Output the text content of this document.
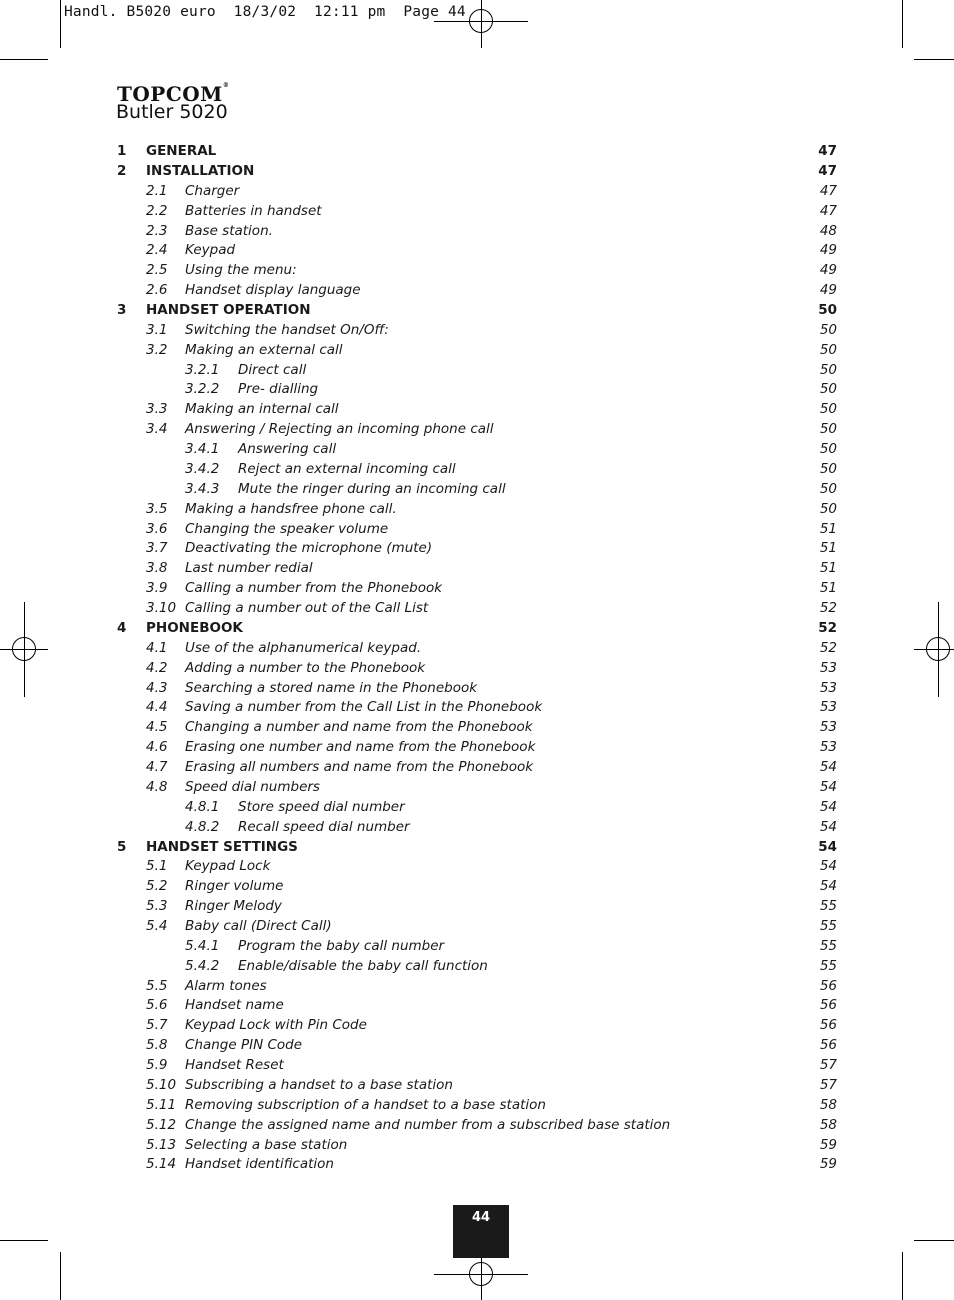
Handl. B5020 euro  18/3/02  12:11 pm  Page 44
TOPCOM®
Butler 5020
1 GENERAL	47
2 INSTALLATION	47
2.1 Charger	47
2.2 Batteries in handset	47
2.3 Base station.	48
2.4 Keypad	49
2.5 Using the menu:	49
2.6 Handset display language	49
3 HANDSET OPERATION	50
3.1 Switching the handset On/Off:	50
3.2 Making an external call	50
3.2.1 Direct call	50
3.2.2 Pre- dialling	50
3.3 Making an internal call	50
3.4 Answering / Rejecting an incoming phone call	50
3.4.1 Answering call	50
3.4.2 Reject an external incoming call	50
3.4.3 Mute the ringer during an incoming call	50
3.5 Making a handsfree phone call.	50
3.6 Changing the speaker volume	51
3.7 Deactivating the microphone (mute)	51
3.8 Last number redial	51
3.9 Calling a number from the Phonebook	51
3.10 Calling a number out of the Call List	52
4 PHONEBOOK	52
4.1 Use of the alphanumerical keypad.	52
4.2 Adding a number to the Phonebook	53
4.3 Searching a stored name in the Phonebook	53
4.4 Saving a number from the Call List in the Phonebook	53
4.5 Changing a number and name from the Phonebook	53
4.6 Erasing one number and name from the Phonebook	53
4.7 Erasing all numbers and name from the Phonebook	54
4.8 Speed dial numbers	54
4.8.1 Store speed dial number	54
4.8.2 Recall speed dial number	54
5 HANDSET SETTINGS	54
5.1 Keypad Lock	54
5.2 Ringer volume	54
5.3 Ringer Melody	55
5.4 Baby call (Direct Call)	55
5.4.1 Program the baby call number	55
5.4.2 Enable/disable the baby call function	55
5.5 Alarm tones	56
5.6 Handset name	56
5.7 Keypad Lock with Pin Code	56
5.8 Change PIN Code	56
5.9 Handset Reset	57
5.10 Subscribing a handset to a base station	57
5.11 Removing subscription of a handset to a base station	58
5.12 Change the assigned name and number from a subscribed base station	58
5.13 Selecting a base station	59
5.14 Handset identification	59
44
